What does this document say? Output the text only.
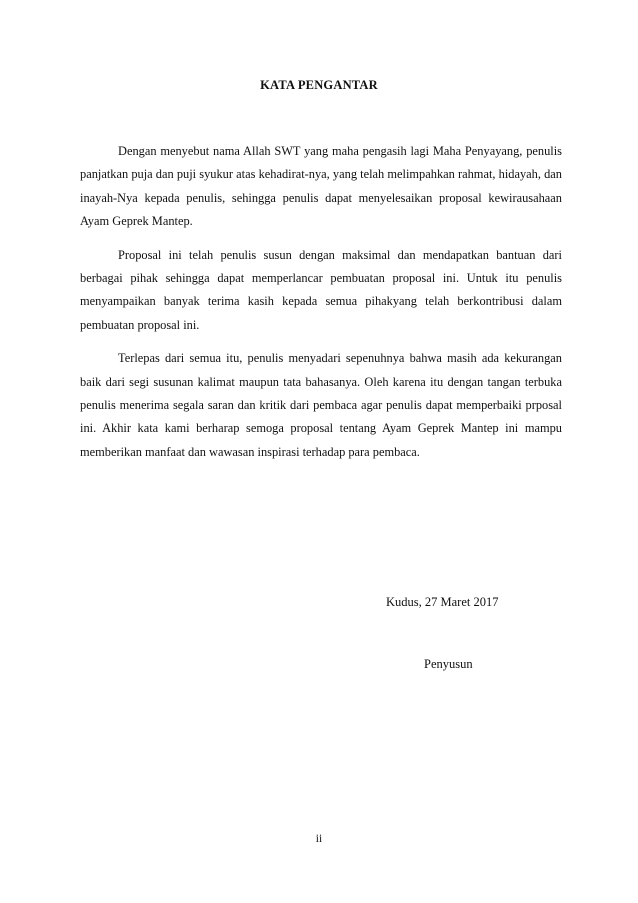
KATA PENGANTAR

Dengan menyebut nama Allah SWT yang maha pengasih lagi Maha Penyayang, penulis panjatkan puja dan puji syukur atas kehadirat-nya, yang telah melimpahkan rahmat, hidayah, dan inayah-Nya kepada penulis, sehingga penulis dapat menyelesaikan proposal kewirausahaan Ayam Geprek Mantep.

Proposal ini telah penulis susun dengan maksimal dan mendapatkan bantuan dari berbagai pihak sehingga dapat memperlancar pembuatan proposal ini. Untuk itu penulis menyampaikan banyak terima kasih kepada semua pihakyang telah berkontribusi dalam pembuatan proposal ini.

Terlepas dari semua itu, penulis menyadari sepenuhnya bahwa masih ada kekurangan baik dari segi susunan kalimat maupun tata bahasanya. Oleh karena itu dengan tangan terbuka penulis menerima segala saran dan kritik dari pembaca agar penulis dapat memperbaiki prposal ini. Akhir kata kami berharap semoga proposal tentang Ayam Geprek Mantep ini mampu memberikan manfaat dan wawasan inspirasi terhadap para pembaca.

Kudus, 27 Maret 2017
Penyusun
ii
